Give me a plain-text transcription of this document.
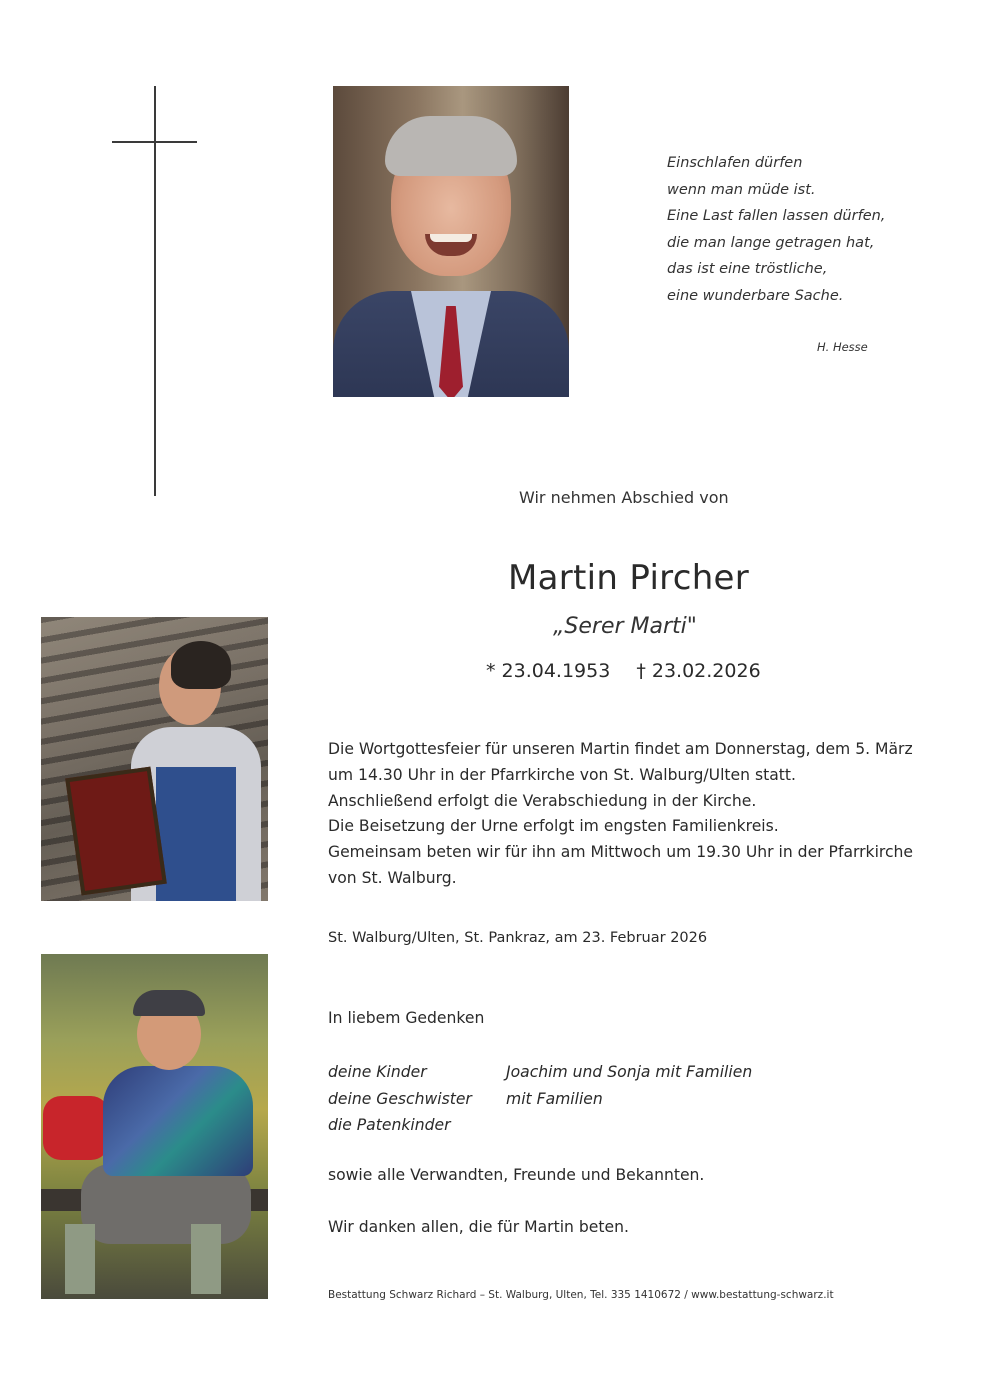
Einschlafen dürfen
wenn man müde ist.
Eine Last fallen lassen dürfen,
die man lange getragen hat,
das ist eine tröstliche,
eine wunderbare Sache.
H. Hesse
Wir nehmen Abschied von
Martin Pircher
„Serer Marti"
* 23.04.1953 † 23.02.2026
Die Wortgottesfeier für unseren Martin findet am Donnerstag, dem 5. März
um 14.30 Uhr in der Pfarrkirche von St. Walburg/Ulten statt.
Anschließend erfolgt die Verabschiedung in der Kirche.
Die Beisetzung der Urne erfolgt im engsten Familienkreis.
Gemeinsam beten wir für ihn am Mittwoch um 19.30 Uhr in der Pfarrkirche
von St. Walburg.
St. Walburg/Ulten, St. Pankraz, am 23. Februar 2026
In liebem Gedenken
deine Kinder	Joachim und Sonja mit Familien
deine Geschwister	mit Familien
die Patenkinder
sowie alle Verwandten, Freunde und Bekannten.
Wir danken allen, die für Martin beten.
Bestattung Schwarz Richard – St. Walburg, Ulten, Tel. 335 1410672 / www.bestattung-schwarz.it
